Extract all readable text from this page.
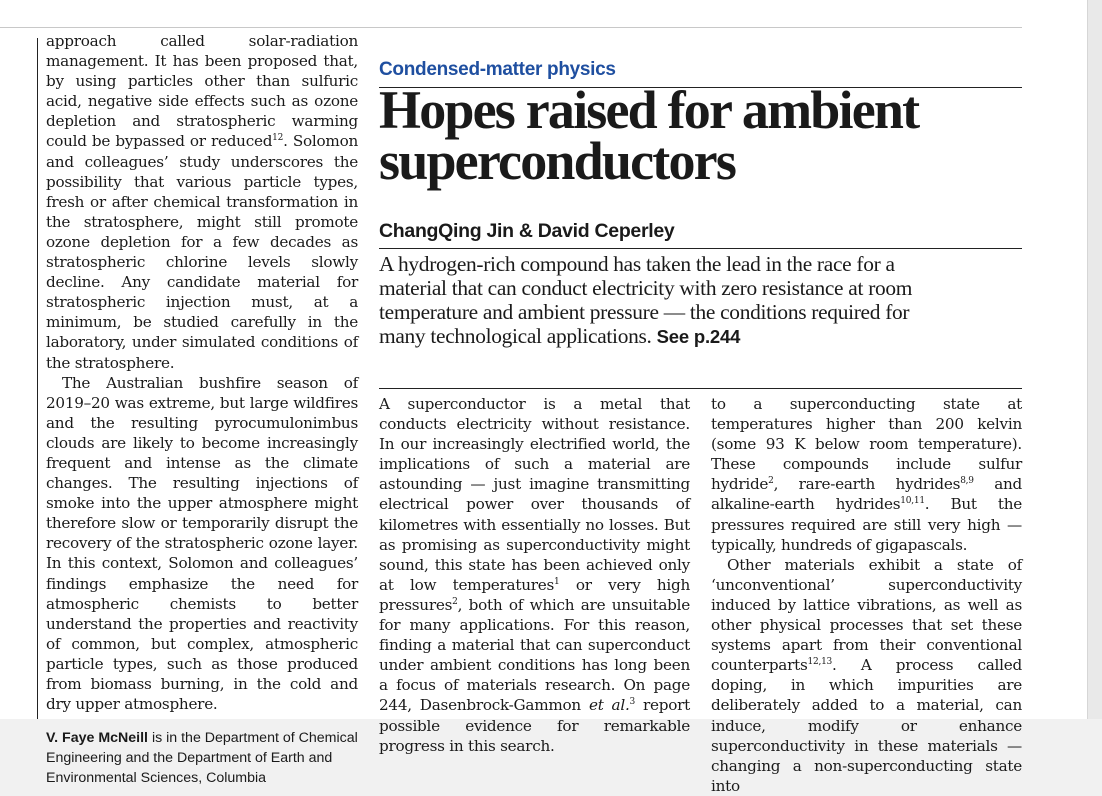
approach called solar-radiation management. It has been proposed that, by using particles other than sulfuric acid, negative side effects such as ozone depletion and stratospheric warming could be bypassed or reduced$^{12}$. Solomon and colleagues’ study underscores the possibility that various particle types, fresh or after chemical transformation in the stratosphere, might still promote ozone depletion for a few decades as stratospheric chlorine levels slowly decline. Any candidate material for stratospheric injection must, at a minimum, be studied carefully in the laboratory, under simulated conditions of the stratosphere.

The Australian bushfire season of 2019–20 was extreme, but large wildfires and the resulting pyrocumulonimbus clouds are likely to become increasingly frequent and intense as the climate changes. The resulting injections of smoke into the upper atmosphere might therefore slow or temporarily disrupt the recovery of the stratospheric ozone layer. In this context, Solomon and colleagues’ findings emphasize the need for atmospheric chemists to better understand the properties and reactivity of common, but complex, atmospheric particle types, such as those produced from biomass burning, in the cold and dry upper atmosphere.

V. Faye McNeill is in the Department of Chemical Engineering and the Department of Earth and Environmental Sciences, Columbia

Condensed-matter physics
Hopes raised for ambient superconductors
ChangQing Jin & David Ceperley
A hydrogen-rich compound has taken the lead in the race for a material that can conduct electricity with zero resistance at room temperature and ambient pressure — the conditions required for many technological applications. See p.244

A superconductor is a metal that conducts electricity without resistance. In our increasingly electrified world, the implications of such a material are astounding — just imagine transmitting electrical power over thousands of kilometres with essentially no losses. But as promising as superconductivity might sound, this state has been achieved only at low temperatures$^1$ or very high pressures$^2$, both of which are unsuitable for many applications. For this reason, finding a material that can superconduct under ambient conditions has long been a focus of materials research. On page 244, Dasenbrock-Gammon et al.$^3$ report possible evidence for remarkable progress in this search.

to a superconducting state at temperatures higher than 200 kelvin (some 93 K below room temperature). These compounds include sulfur hydride$^2$, rare-earth hydrides$^{8,9}$ and alkaline-earth hydrides$^{10,11}$. But the pressures required are still very high — typically, hundreds of gigapascals.

Other materials exhibit a state of ‘unconventional’ superconductivity induced by lattice vibrations, as well as other physical processes that set these systems apart from their conventional counterparts$^{12,13}$. A process called doping, in which impurities are deliberately added to a material, can induce, modify or enhance superconductivity in these materials — changing a non-superconducting state into
